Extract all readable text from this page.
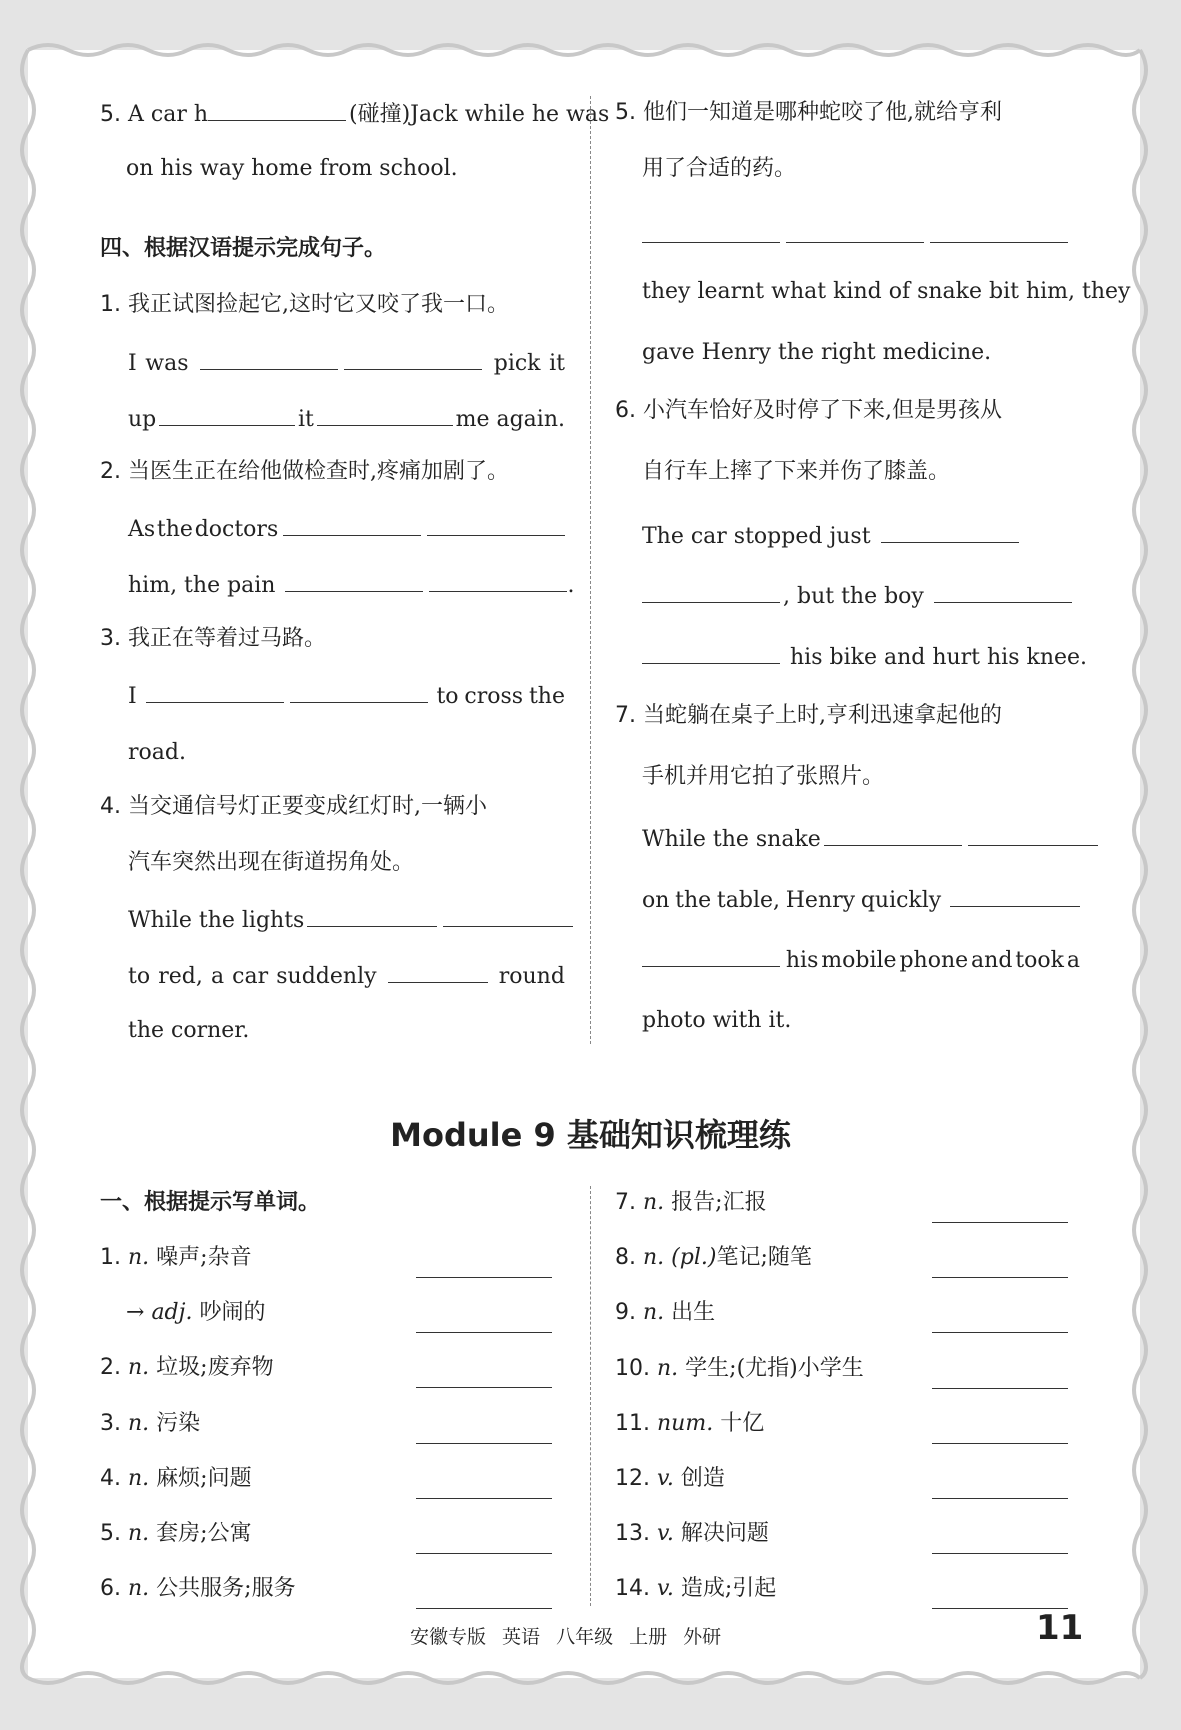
5. A car h	(碰撞)Jack while he was
on his way home from school.
四、根据汉语提示完成句子。
1. 我正试图捡起它,这时它又咬了我一口。
I was	pick it
up	it	me again.
2. 当医生正在给他做检查时,疼痛加剧了。
As the doctors
him, the pain	.
3. 我正在等着过马路。
I	to cross the
road.
4. 当交通信号灯正要变成红灯时,一辆小
汽车突然出现在街道拐角处。
While the lights
to red, a car suddenly	round
the corner.
5. 他们一知道是哪种蛇咬了他,就给亨利
用了合适的药。
they learnt what kind of snake bit him, they
gave Henry the right medicine.
6. 小汽车恰好及时停了下来,但是男孩从
自行车上摔了下来并伤了膝盖。
The car stopped just
, but the boy
his bike and hurt his knee.
7. 当蛇躺在桌子上时,亨利迅速拿起他的
手机并用它拍了张照片。
While the snake
on the table, Henry quickly
his mobile phone and took a
photo with it.
Module 9 基础知识梳理练
一、根据提示写单词。
1. n. 噪声;杂音
→ adj. 吵闹的
2. n. 垃圾;废弃物
3. n. 污染
4. n. 麻烦;问题
5. n. 套房;公寓
6. n. 公共服务;服务
7. n. 报告;汇报
8. n. (pl.)笔记;随笔
9. n. 出生
10. n. 学生;(尤指)小学生
11. num. 十亿
12. v. 创造
13. v. 解决问题
14. v. 造成;引起
安徽专版 英语 八年级 上册 外研	11
